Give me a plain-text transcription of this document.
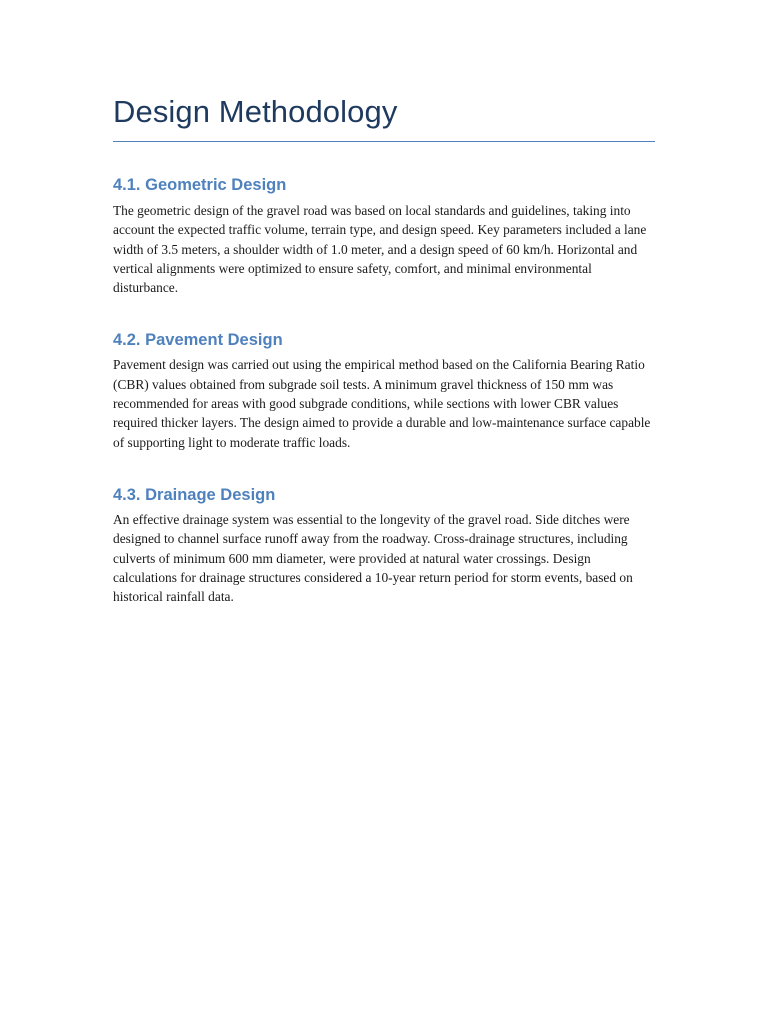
Design Methodology
4.1. Geometric Design

The geometric design of the gravel road was based on local standards and guidelines, taking into account the expected traffic volume, terrain type, and design speed. Key parameters included a lane width of 3.5 meters, a shoulder width of 1.0 meter, and a design speed of 60 km/h. Horizontal and vertical alignments were optimized to ensure safety, comfort, and minimal environmental disturbance.

4.2. Pavement Design

Pavement design was carried out using the empirical method based on the California Bearing Ratio (CBR) values obtained from subgrade soil tests. A minimum gravel thickness of 150 mm was recommended for areas with good subgrade conditions, while sections with lower CBR values required thicker layers. The design aimed to provide a durable and low-maintenance surface capable of supporting light to moderate traffic loads.

4.3. Drainage Design

An effective drainage system was essential to the longevity of the gravel road. Side ditches were designed to channel surface runoff away from the roadway. Cross-drainage structures, including culverts of minimum 600 mm diameter, were provided at natural water crossings. Design calculations for drainage structures considered a 10-year return period for storm events, based on historical rainfall data.
